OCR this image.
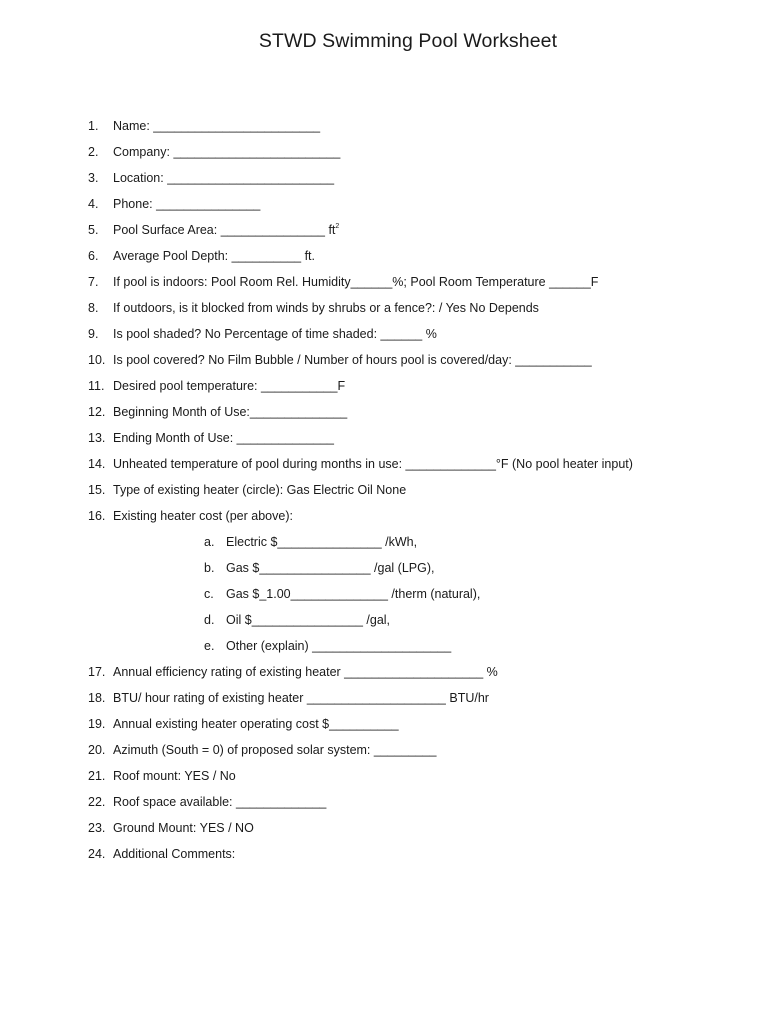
STWD Swimming Pool Worksheet
1. Name: ________________________
2. Company: ________________________
3. Location: ________________________
4. Phone: _______________
5. Pool Surface Area: _______________ $ft^2$
6. Average Pool Depth: __________ ft.
7. If pool is indoors: Pool Room Rel. Humidity______%; Pool Room Temperature ______F
8. If outdoors, is it blocked from winds by shrubs or a fence?: / Yes No Depends
9. Is pool shaded? No Percentage of time shaded: ______ %
10. Is pool covered? No Film Bubble / Number of hours pool is covered/day: ___________
11. Desired pool temperature: ___________F
12. Beginning Month of Use:______________
13. Ending Month of Use: ______________
14. Unheated temperature of pool during months in use: _____________°F (No pool heater input)
15. Type of existing heater (circle): Gas Electric Oil None
16. Existing heater cost (per above):
a. Electric $_______________ /kWh,
b. Gas $________________ /gal (LPG),
c. Gas $_1.00______________ /therm (natural),
d. Oil $________________ /gal,
e. Other (explain) ____________________
17. Annual efficiency rating of existing heater ____________________ %
18. BTU/ hour rating of existing heater ____________________ BTU/hr
19. Annual existing heater operating cost $__________
20. Azimuth (South = 0) of proposed solar system: _________
21. Roof mount: YES / No
22. Roof space available: _____________
23. Ground Mount: YES / NO
24. Additional Comments:
